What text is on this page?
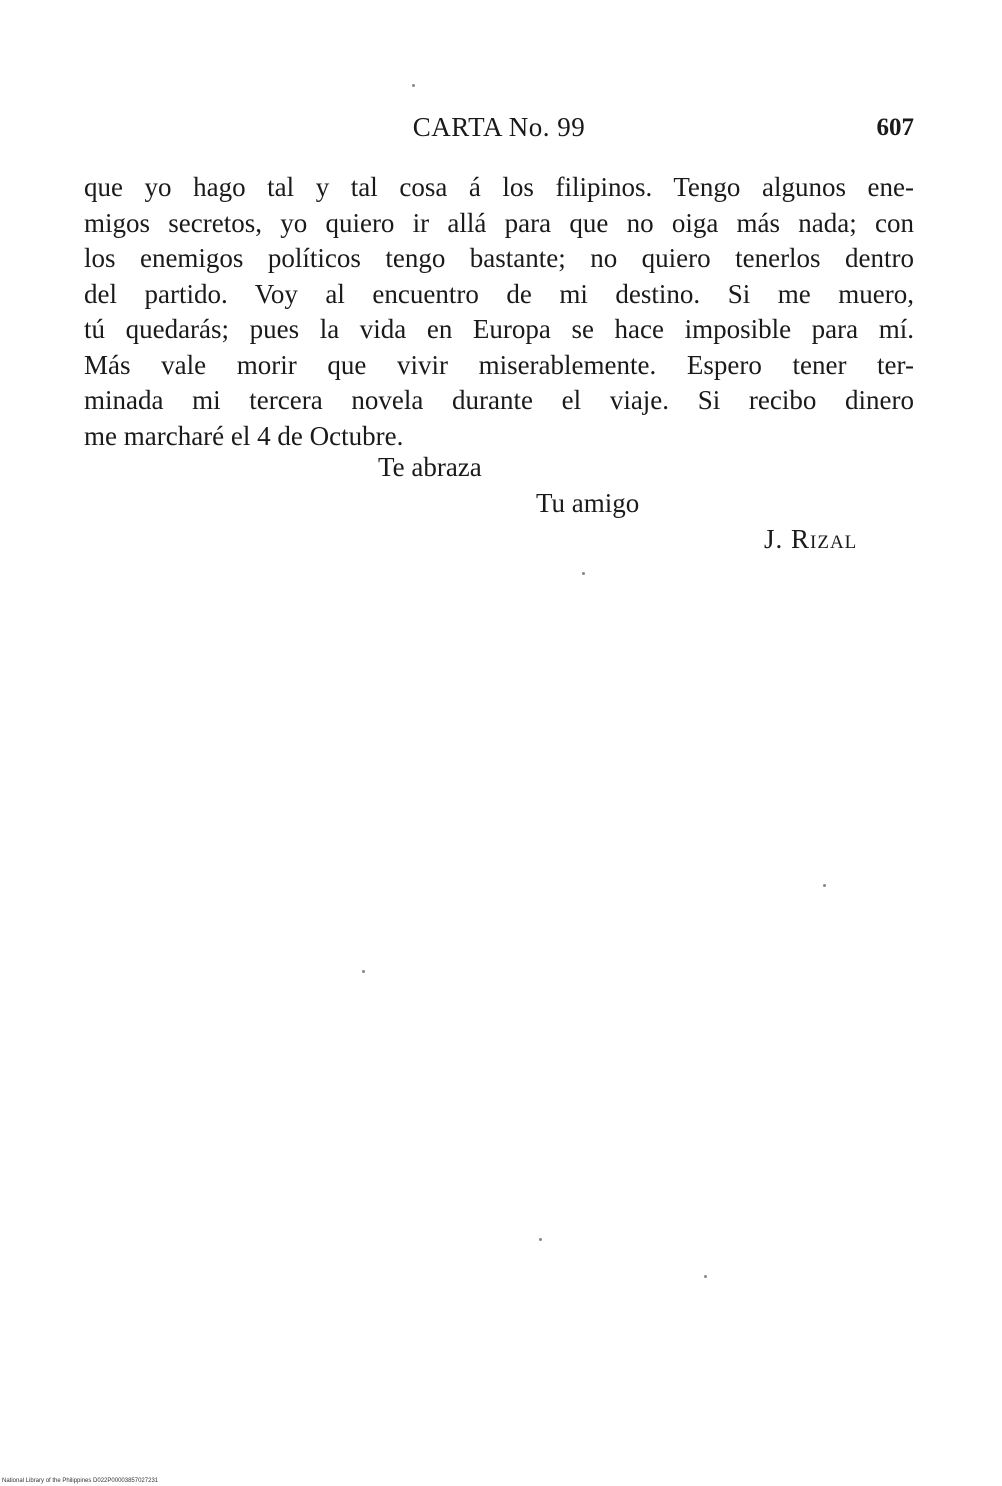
CARTA No. 99	607
que yo hago tal y tal cosa á los filipinos. Tengo algunos ene-
migos secretos, yo quiero ir allá para que no oiga más nada; con
los enemigos políticos tengo bastante; no quiero tenerlos dentro
del partido. Voy al encuentro de mi destino. Si me muero,
tú quedarás; pues la vida en Europa se hace imposible para mí.
Más vale morir que vivir miserablemente. Espero tener ter-
minada mi tercera novela durante el viaje. Si recibo dinero
me marcharé el 4 de Octubre.
Te abraza
Tu amigo
J. Rizal
National Library of the Philippines D022P00003857027231
